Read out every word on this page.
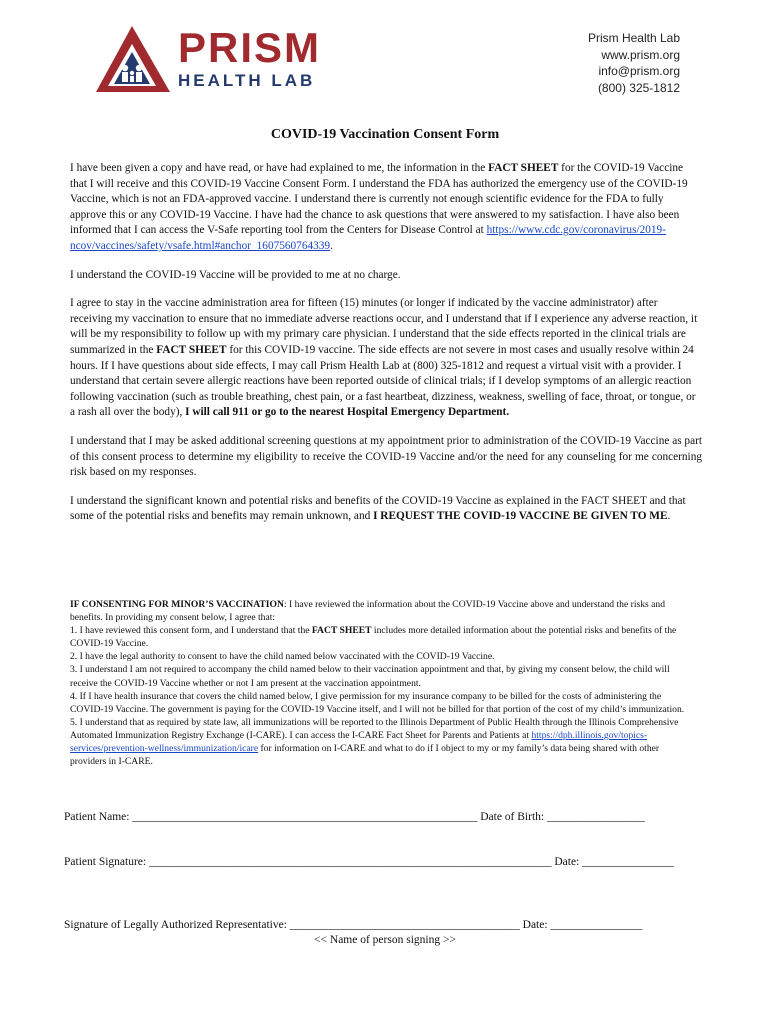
PRISM
HEALTH LAB
Prism Health Lab
www.prism.org
info@prism.org
(800) 325-1812
COVID-19 Vaccination Consent Form

I have been given a copy and have read, or have had explained to me, the information in the FACT SHEET for the COVID-19 Vaccine that I will receive and this COVID-19 Vaccine Consent Form. I understand the FDA has authorized the emergency use of the COVID-19 Vaccine, which is not an FDA-approved vaccine. I understand there is currently not enough scientific evidence for the FDA to fully approve this or any COVID-19 Vaccine. I have had the chance to ask questions that were answered to my satisfaction. I have also been informed that I can access the V-Safe reporting tool from the Centers for Disease Control at https://www.cdc.gov/coronavirus/2019-ncov/vaccines/safety/vsafe.html#anchor_1607560764339.

I understand the COVID-19 Vaccine will be provided to me at no charge.

I agree to stay in the vaccine administration area for fifteen (15) minutes (or longer if indicated by the vaccine administrator) after receiving my vaccination to ensure that no immediate adverse reactions occur, and I understand that if I experience any adverse reaction, it will be my responsibility to follow up with my primary care physician. I understand that the side effects reported in the clinical trials are summarized in the FACT SHEET for this COVID-19 vaccine. The side effects are not severe in most cases and usually resolve within 24 hours. If I have questions about side effects, I may call Prism Health Lab at (800) 325-1812 and request a virtual visit with a provider. I understand that certain severe allergic reactions have been reported outside of clinical trials; if I develop symptoms of an allergic reaction following vaccination (such as trouble breathing, chest pain, or a fast heartbeat, dizziness, weakness, swelling of face, throat, or tongue, or a rash all over the body), I will call 911 or go to the nearest Hospital Emergency Department.

I understand that I may be asked additional screening questions at my appointment prior to administration of the COVID-19 Vaccine as part of this consent process to determine my eligibility to receive the COVID-19 Vaccine and/or the need for any counseling for me concerning risk based on my responses.

I understand the significant known and potential risks and benefits of the COVID-19 Vaccine as explained in the FACT SHEET and that some of the potential risks and benefits may remain unknown, and I REQUEST THE COVID-19 VACCINE BE GIVEN TO ME.

IF CONSENTING FOR MINOR’S VACCINATION: I have reviewed the information about the COVID-19 Vaccine above and understand the risks and benefits. In providing my consent below, I agree that:
1. I have reviewed this consent form, and I understand that the FACT SHEET includes more detailed information about the potential risks and benefits of the COVID-19 Vaccine.
2. I have the legal authority to consent to have the child named below vaccinated with the COVID-19 Vaccine.
3. I understand I am not required to accompany the child named below to their vaccination appointment and that, by giving my consent below, the child will receive the COVID-19 Vaccine whether or not I am present at the vaccination appointment.
4. If I have health insurance that covers the child named below, I give permission for my insurance company to be billed for the costs of administering the COVID-19 Vaccine. The government is paying for the COVID-19 Vaccine itself, and I will not be billed for that portion of the cost of my child’s immunization.
5. I understand that as required by state law, all immunizations will be reported to the Illinois Department of Public Health through the Illinois Comprehensive Automated Immunization Registry Exchange (I-CARE). I can access the I-CARE Fact Sheet for Parents and Patients at https://dph.illinois.gov/topics-services/prevention-wellness/immunization/icare for information on I-CARE and what to do if I object to my or my family’s data being shared with other providers in I-CARE.
Patient Name: ____________________________________________________________ Date of Birth: _________________
Patient Signature: ______________________________________________________________________ Date: ________________
Signature of Legally Authorized Representative: ________________________________________ Date: ________________
<< Name of person signing >>
